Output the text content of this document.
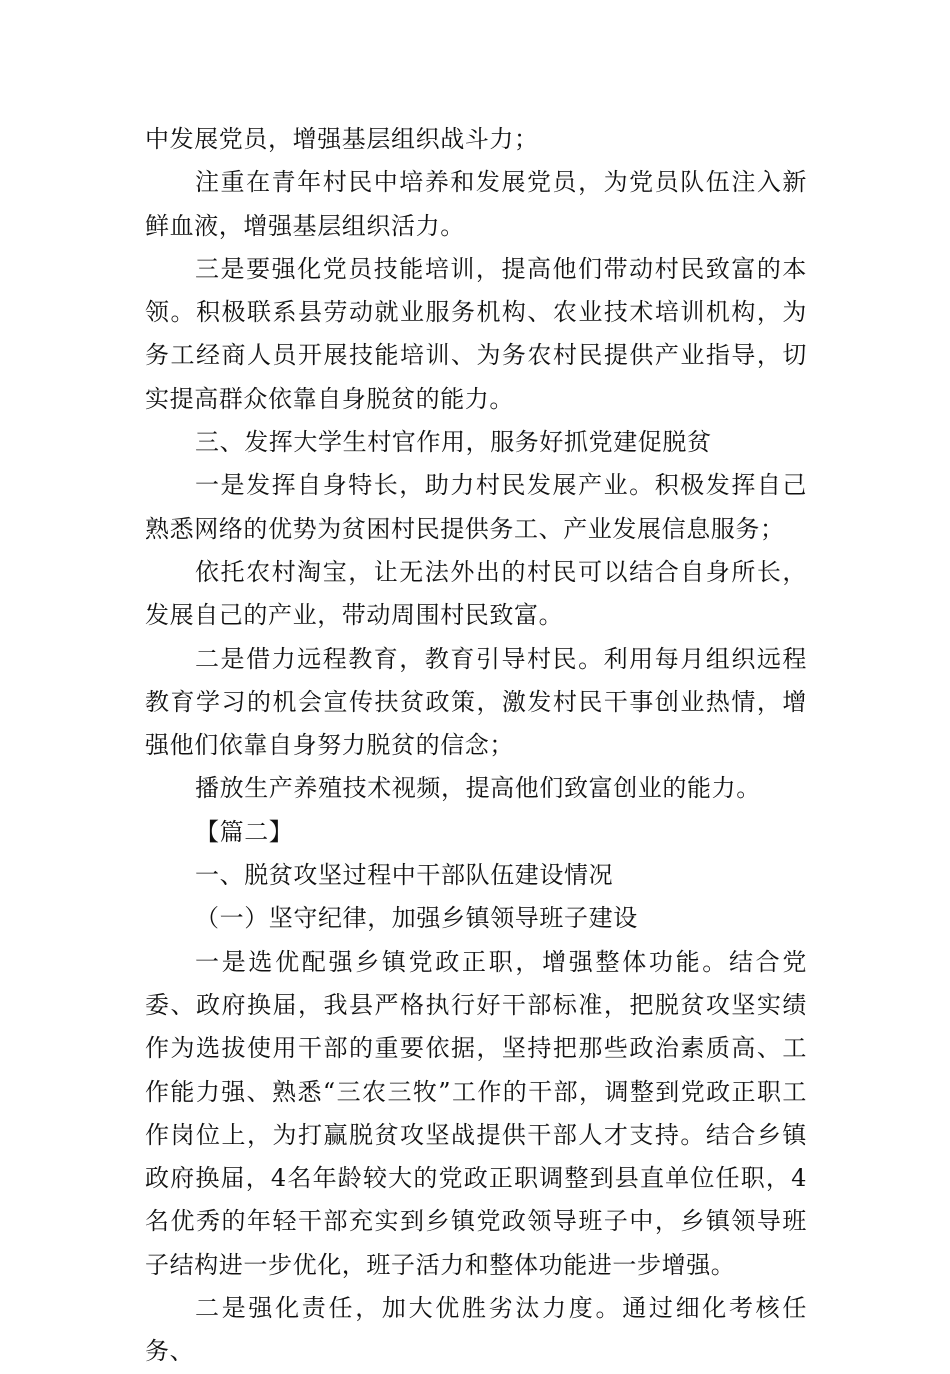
中发展党员，增强基层组织战斗力；

注重在青年村民中培养和发展党员，为党员队伍注入新鲜血液，增强基层组织活力。

三是要强化党员技能培训，提高他们带动村民致富的本领。积极联系县劳动就业服务机构、农业技术培训机构，为务工经商人员开展技能培训、为务农村民提供产业指导，切实提高群众依靠自身脱贫的能力。

三、发挥大学生村官作用，服务好抓党建促脱贫

一是发挥自身特长，助力村民发展产业。积极发挥自己熟悉网络的优势为贫困村民提供务工、产业发展信息服务；

依托农村淘宝，让无法外出的村民可以结合自身所长，发展自己的产业，带动周围村民致富。

二是借力远程教育，教育引导村民。利用每月组织远程教育学习的机会宣传扶贫政策，激发村民干事创业热情，增强他们依靠自身努力脱贫的信念；

播放生产养殖技术视频，提高他们致富创业的能力。

【篇二】

一、脱贫攻坚过程中干部队伍建设情况

（一）坚守纪律，加强乡镇领导班子建设

一是选优配强乡镇党政正职，增强整体功能。结合党委、政府换届，我县严格执行好干部标准，把脱贫攻坚实绩作为选拔使用干部的重要依据，坚持把那些政治素质高、工作能力强、熟悉“三农三牧”工作的干部，调整到党政正职工作岗位上，为打赢脱贫攻坚战提供干部人才支持。结合乡镇政府换届，4名年龄较大的党政正职调整到县直单位任职，4名优秀的年轻干部充实到乡镇党政领导班子中，乡镇领导班子结构进一步优化，班子活力和整体功能进一步增强。

二是强化责任，加大优胜劣汰力度。通过细化考核任务、
